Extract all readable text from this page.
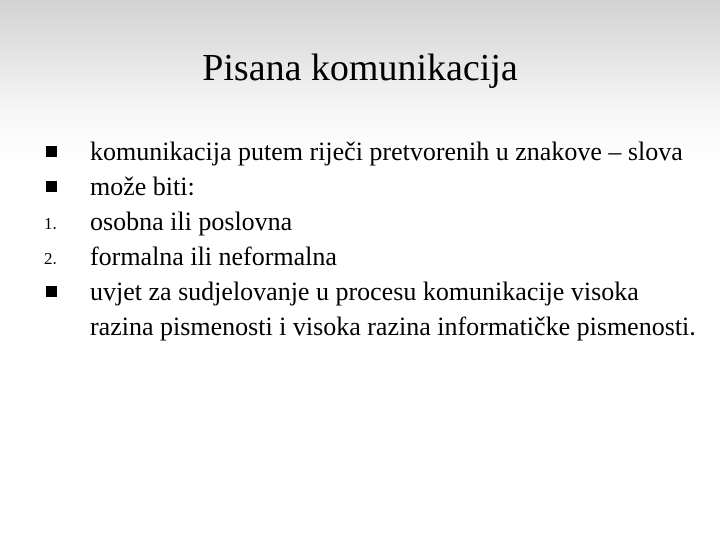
Pisana komunikacija
komunikacija putem riječi pretvorenih u znakove – slova
može biti:
1. osobna ili poslovna
2. formalna ili neformalna
uvjet za sudjelovanje u procesu komunikacije visoka razina pismenosti i visoka razina informatičke pismenosti.
